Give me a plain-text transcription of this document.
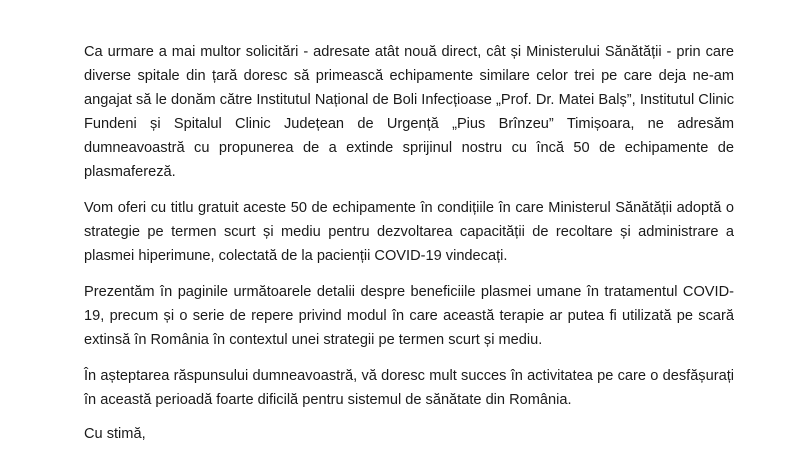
Ca urmare a mai multor solicitări - adresate atât nouă direct, cât și Ministerului Sănătății - prin care diverse spitale din țară doresc să primească echipamente similare celor trei pe care deja ne-am angajat să le donăm către Institutul Național de Boli Infecțioase „Prof. Dr. Matei Balș”, Institutul Clinic Fundeni și Spitalul Clinic Județean de Urgență „Pius Brînzeu” Timișoara, ne adresăm dumneavoastră cu propunerea de a extinde sprijinul nostru cu încă 50 de echipamente de plasmafereză.

Vom oferi cu titlu gratuit aceste 50 de echipamente în condițiile în care Ministerul Sănătății adoptă o strategie pe termen scurt și mediu pentru dezvoltarea capacității de recoltare și administrare a plasmei hiperimune, colectată de la pacienții COVID-19 vindecați.

Prezentăm în paginile următoarele detalii despre beneficiile plasmei umane în tratamentul COVID-19, precum și o serie de repere privind modul în care această terapie ar putea fi utilizată pe scară extinsă în România în contextul unei strategii pe termen scurt și mediu.

În așteptarea răspunsului dumneavoastră, vă doresc mult succes în activitatea pe care o desfășurați în această perioadă foarte dificilă pentru sistemul de sănătate din România.

Cu stimă,
